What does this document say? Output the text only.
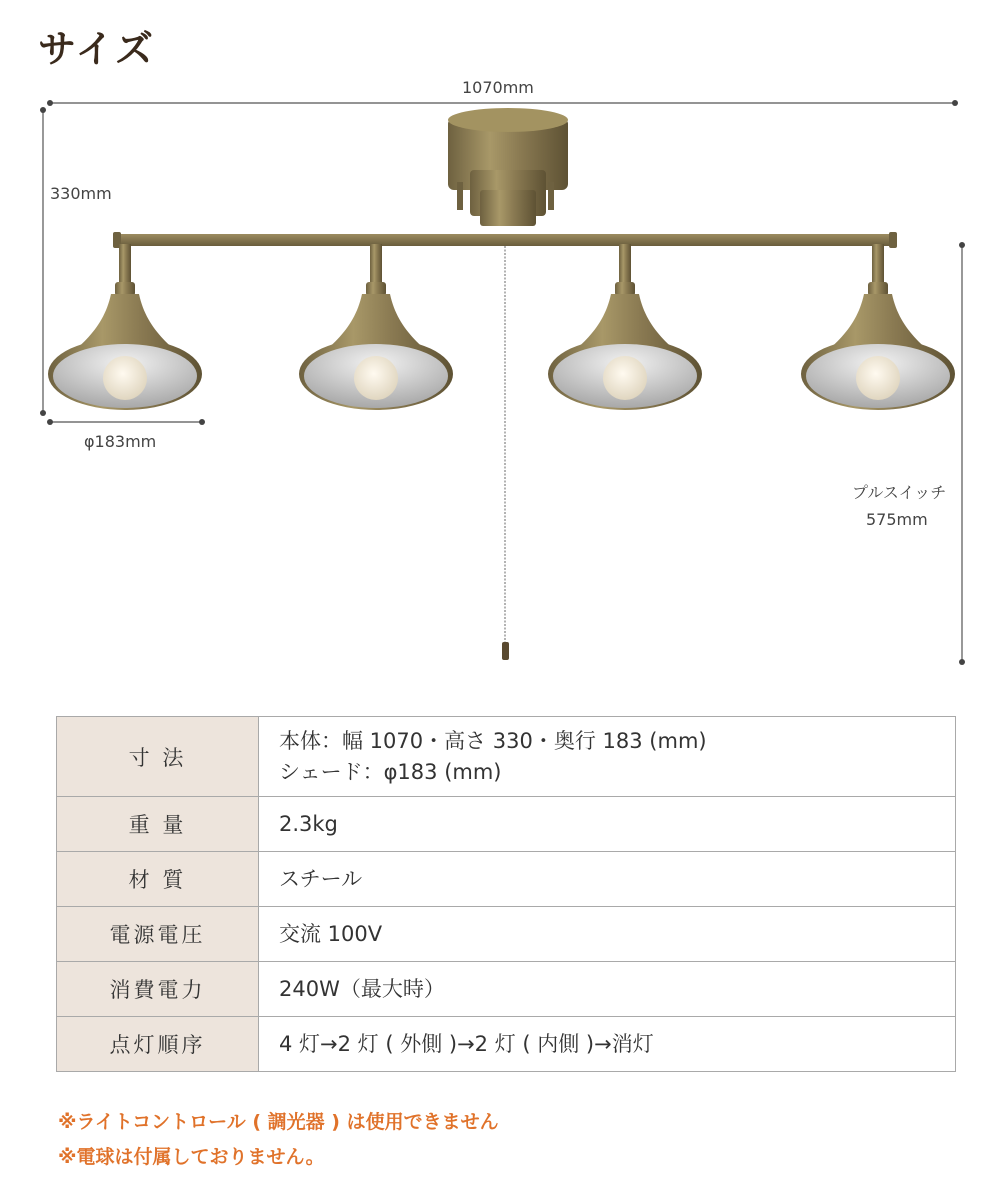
サイズ
1070mm
330mm
φ183mm
プルスイッチ
575mm
寸 法	本体：幅 1070・高さ 330・奥行 183 (mm)
シェード：φ183 (mm)

重 量	2.3kg
材 質	スチール
電源電圧	交流 100V
消費電力	240W（最大時）
点灯順序	4 灯→2 灯 ( 外側 )→2 灯 ( 内側 )→消灯
※ライトコントロール ( 調光器 ) は使用できません
※電球は付属しておりません。
